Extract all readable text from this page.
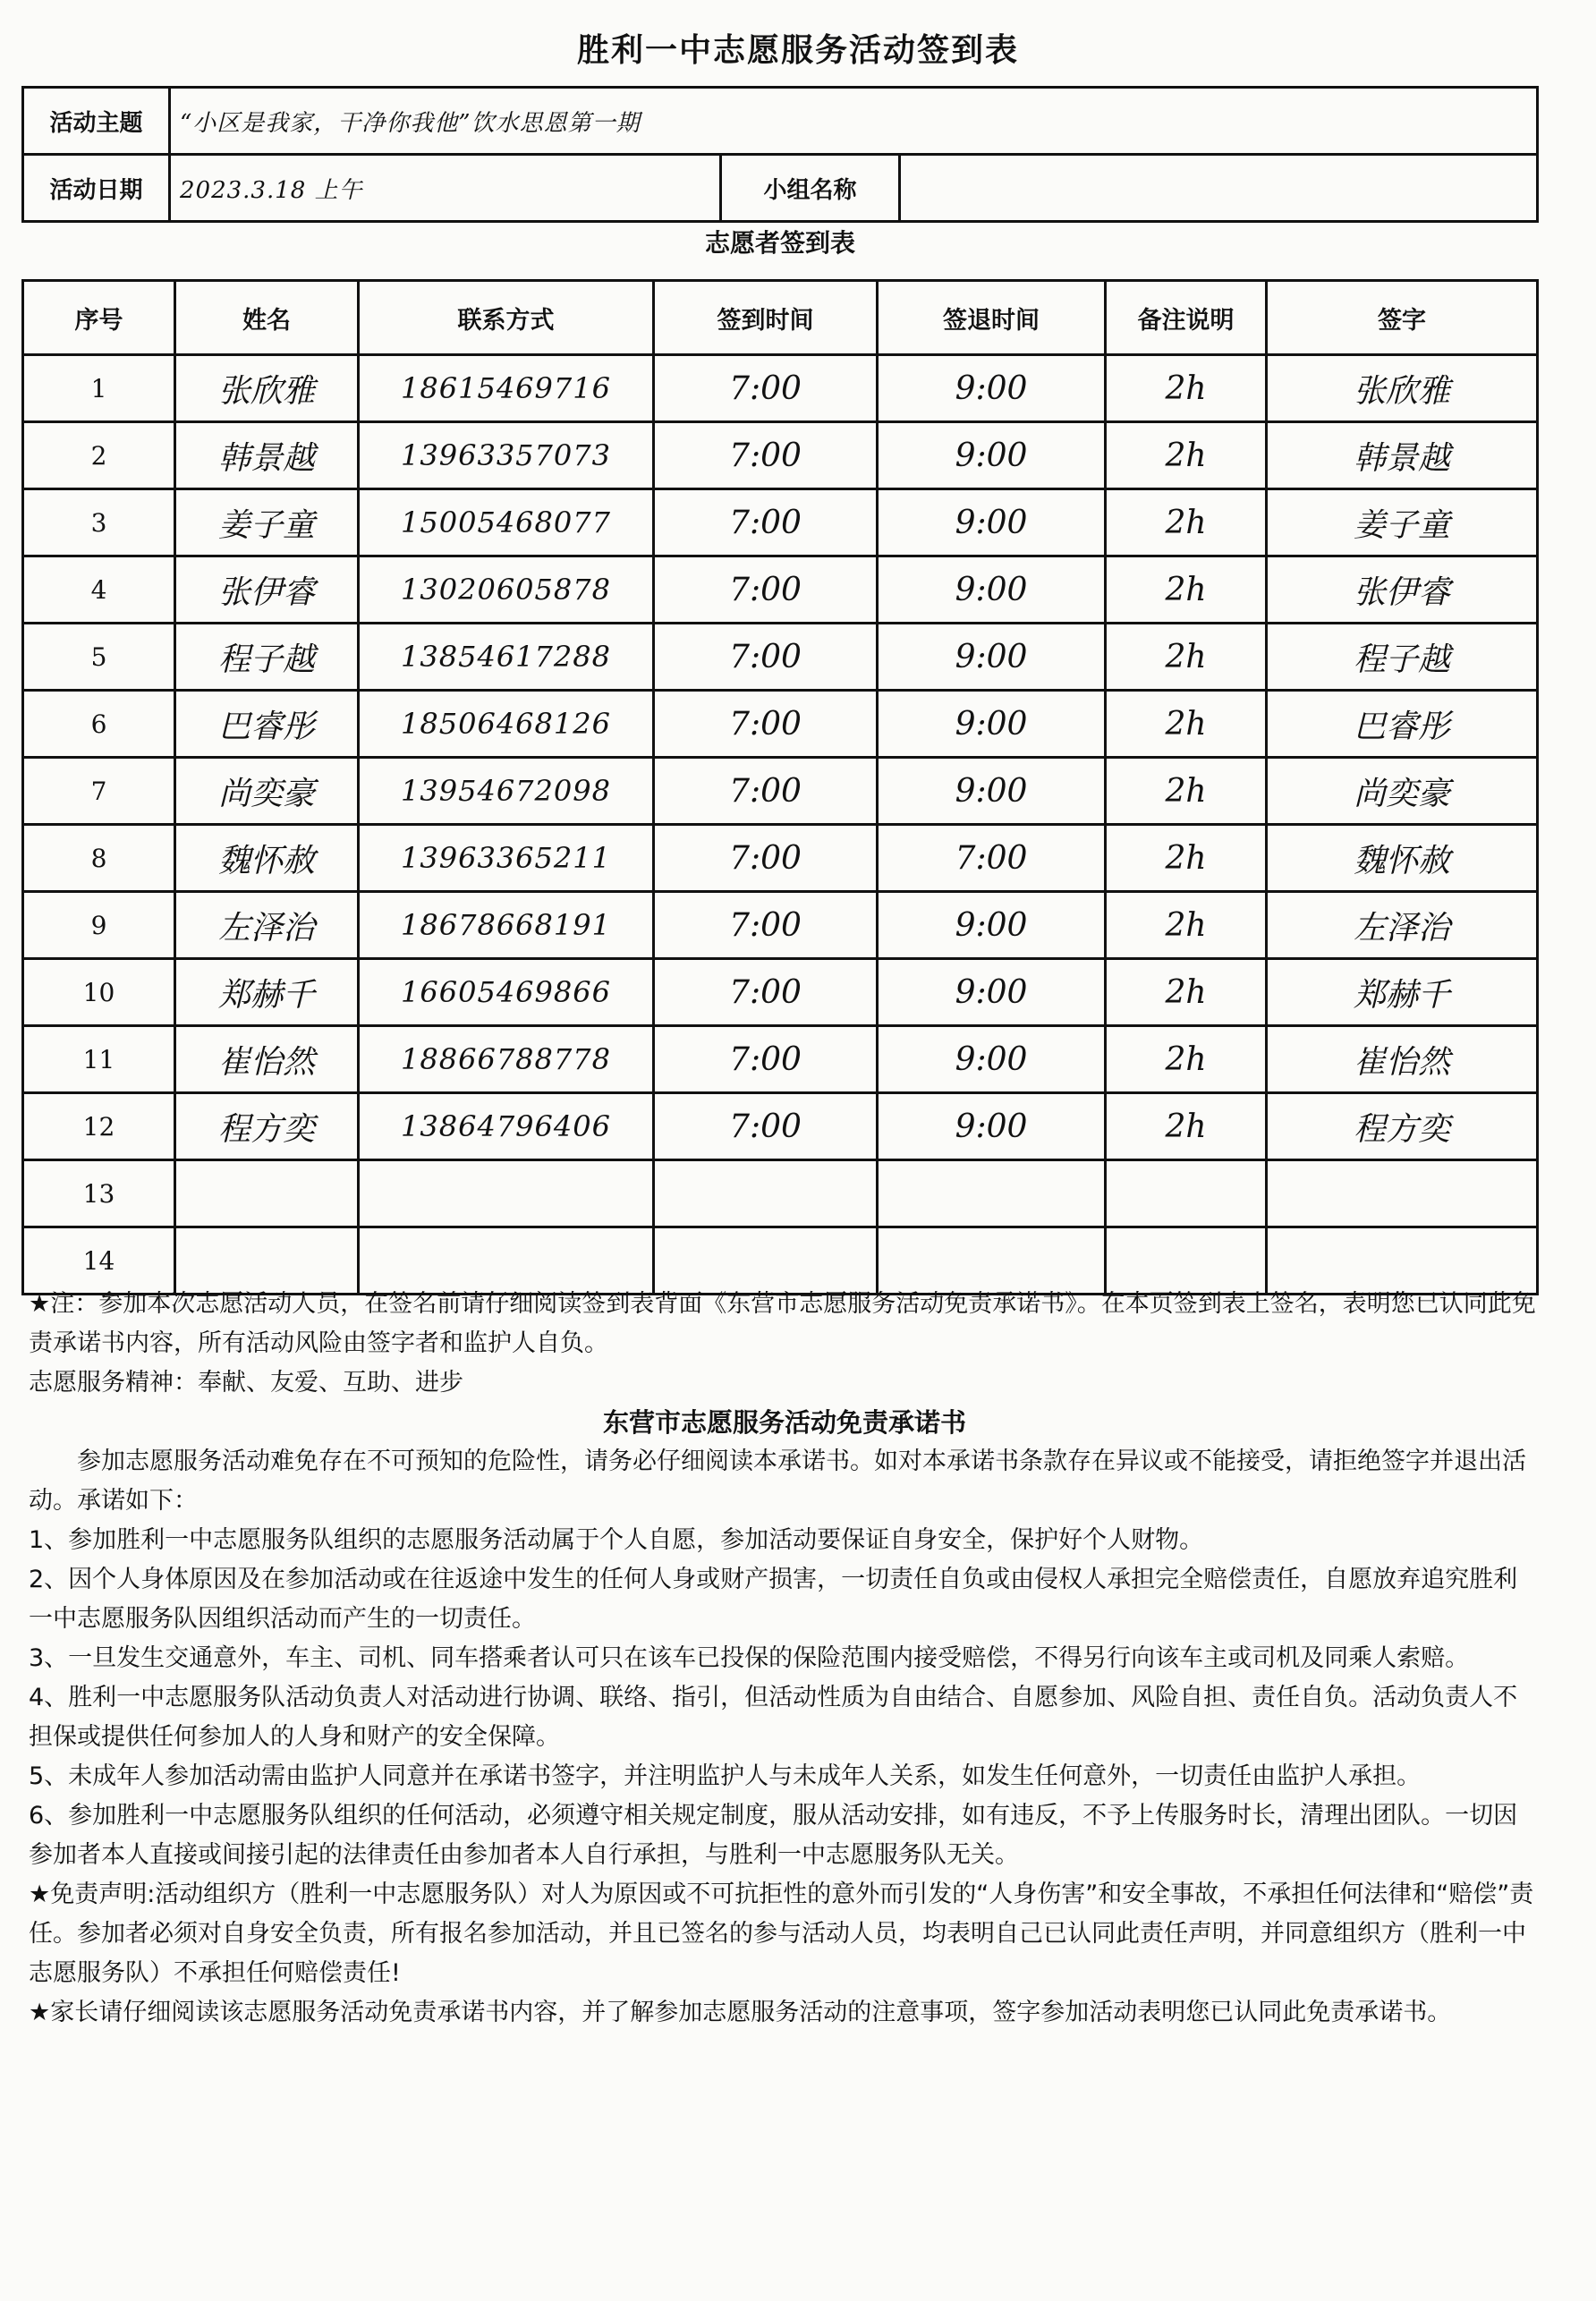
胜利一中志愿服务活动签到表
活动主题	“小区是我家，干净你我他”饮水思恩第一期		
活动日期	2023.3.18 上午	小组名称	
志愿者签到表
序号	姓名	联系方式	签到时间	签退时间	备注说明	签字
1	张欣雅	18615469716	7:00	9:00	2h	张欣雅
2	韩景越	13963357073	7:00	9:00	2h	韩景越
3	姜子童	15005468077	7:00	9:00	2h	姜子童
4	张伊睿	13020605878	7:00	9:00	2h	张伊睿
5	程子越	13854617288	7:00	9:00	2h	程子越
6	巴睿彤	18506468126	7:00	9:00	2h	巴睿彤
7	尚奕豪	13954672098	7:00	9:00	2h	尚奕豪
8	魏怀赦	13963365211	7:00	7:00	2h	魏怀赦
9	左泽治	18678668191	7:00	9:00	2h	左泽治
10	郑赫千	16605469866	7:00	9:00	2h	郑赫千
11	崔怡然	18866788778	7:00	9:00	2h	崔怡然
12	程方奕	13864796406	7:00	9:00	2h	程方奕
13						
14						

★注：参加本次志愿活动人员，在签名前请仔细阅读签到表背面《东营市志愿服务活动免责承诺书》。在本页签到表上签名，表明您已认同此免责承诺书内容，所有活动风险由签字者和监护人自负。

志愿服务精神：奉献、友爱、互助、进步

东营市志愿服务活动免责承诺书

参加志愿服务活动难免存在不可预知的危险性，请务必仔细阅读本承诺书。如对本承诺书条款存在异议或不能接受，请拒绝签字并退出活动。承诺如下：

1、参加胜利一中志愿服务队组织的志愿服务活动属于个人自愿，参加活动要保证自身安全，保护好个人财物。

2、因个人身体原因及在参加活动或在往返途中发生的任何人身或财产损害，一切责任自负或由侵权人承担完全赔偿责任，自愿放弃追究胜利一中志愿服务队因组织活动而产生的一切责任。

3、一旦发生交通意外，车主、司机、同车搭乘者认可只在该车已投保的保险范围内接受赔偿，不得另行向该车主或司机及同乘人索赔。

4、胜利一中志愿服务队活动负责人对活动进行协调、联络、指引，但活动性质为自由结合、自愿参加、风险自担、责任自负。活动负责人不担保或提供任何参加人的人身和财产的安全保障。

5、未成年人参加活动需由监护人同意并在承诺书签字，并注明监护人与未成年人关系，如发生任何意外，一切责任由监护人承担。

6、参加胜利一中志愿服务队组织的任何活动，必须遵守相关规定制度，服从活动安排，如有违反，不予上传服务时长，清理出团队。一切因参加者本人直接或间接引起的法律责任由参加者本人自行承担，与胜利一中志愿服务队无关。

★免责声明:活动组织方（胜利一中志愿服务队）对人为原因或不可抗拒性的意外而引发的“人身伤害”和安全事故，不承担任何法律和“赔偿”责任。参加者必须对自身安全负责，所有报名参加活动，并且已签名的参与活动人员，均表明自己已认同此责任声明，并同意组织方（胜利一中志愿服务队）不承担任何赔偿责任!

★家长请仔细阅读该志愿服务活动免责承诺书内容，并了解参加志愿服务活动的注意事项，签字参加活动表明您已认同此免责承诺书。
